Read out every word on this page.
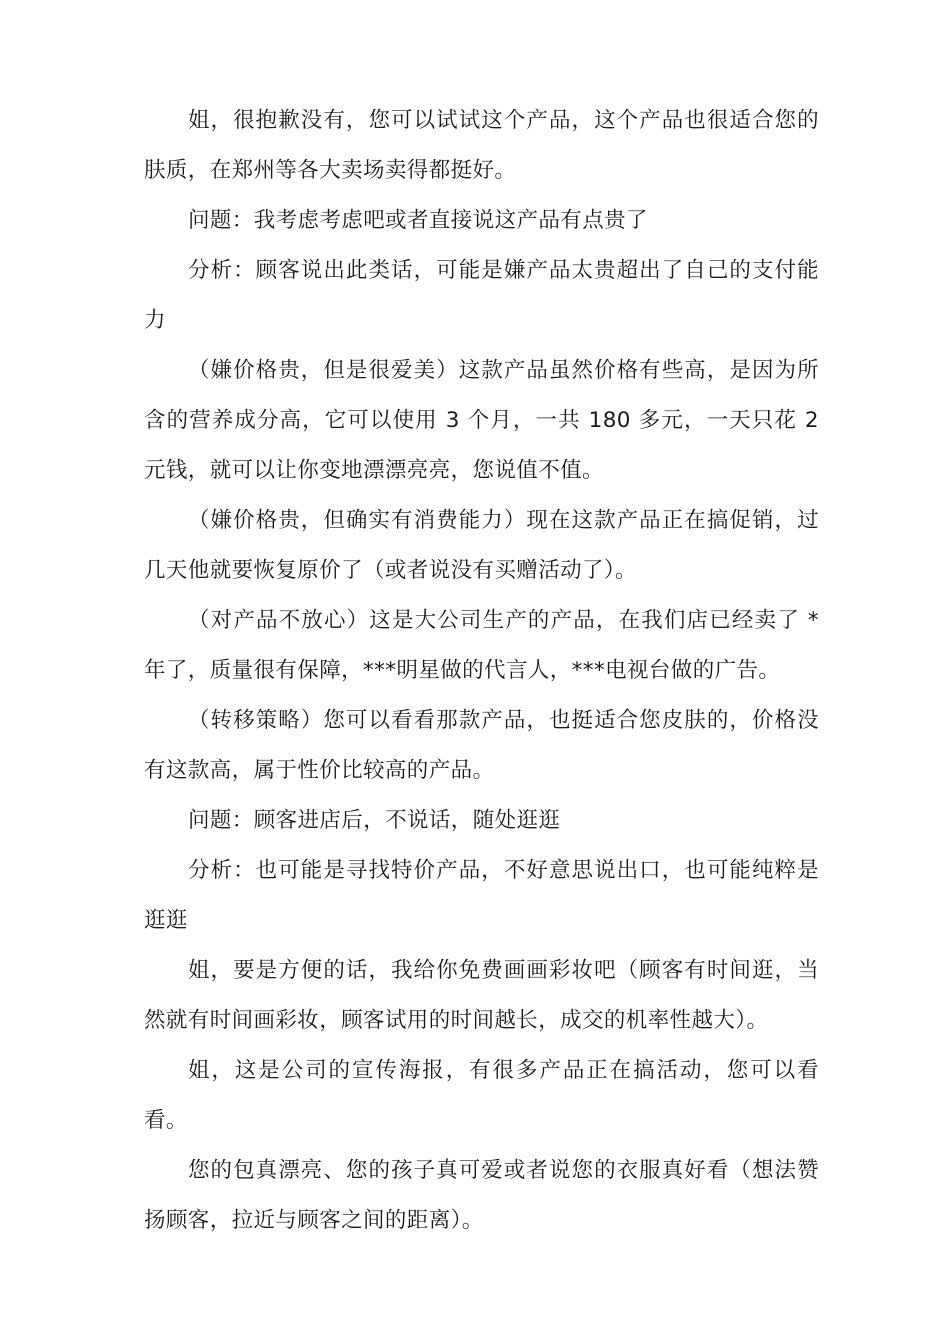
姐，很抱歉没有，您可以试试这个产品，这个产品也很适合您的肤质，在郑州等各大卖场卖得都挺好。

问题：我考虑考虑吧或者直接说这产品有点贵了

分析：顾客说出此类话，可能是嫌产品太贵超出了自己的支付能力

（嫌价格贵，但是很爱美）这款产品虽然价格有些高，是因为所含的营养成分高，它可以使用 3 个月，一共 180 多元，一天只花 2 元钱，就可以让你变地漂漂亮亮，您说值不值。

（嫌价格贵，但确实有消费能力）现在这款产品正在搞促销，过几天他就要恢复原价了（或者说没有买赠活动了）。

（对产品不放心）这是大公司生产的产品，在我们店已经卖了 * 年了，质量很有保障，***明星做的代言人，***电视台做的广告。

（转移策略）您可以看看那款产品，也挺适合您皮肤的，价格没有这款高，属于性价比较高的产品。

问题：顾客进店后，不说话，随处逛逛

分析：也可能是寻找特价产品，不好意思说出口，也可能纯粹是逛逛

姐，要是方便的话，我给你免费画画彩妆吧（顾客有时间逛，当然就有时间画彩妆，顾客试用的时间越长，成交的机率性越大）。

姐，这是公司的宣传海报，有很多产品正在搞活动，您可以看看。

您的包真漂亮、您的孩子真可爱或者说您的衣服真好看（想法赞扬顾客，拉近与顾客之间的距离）。
